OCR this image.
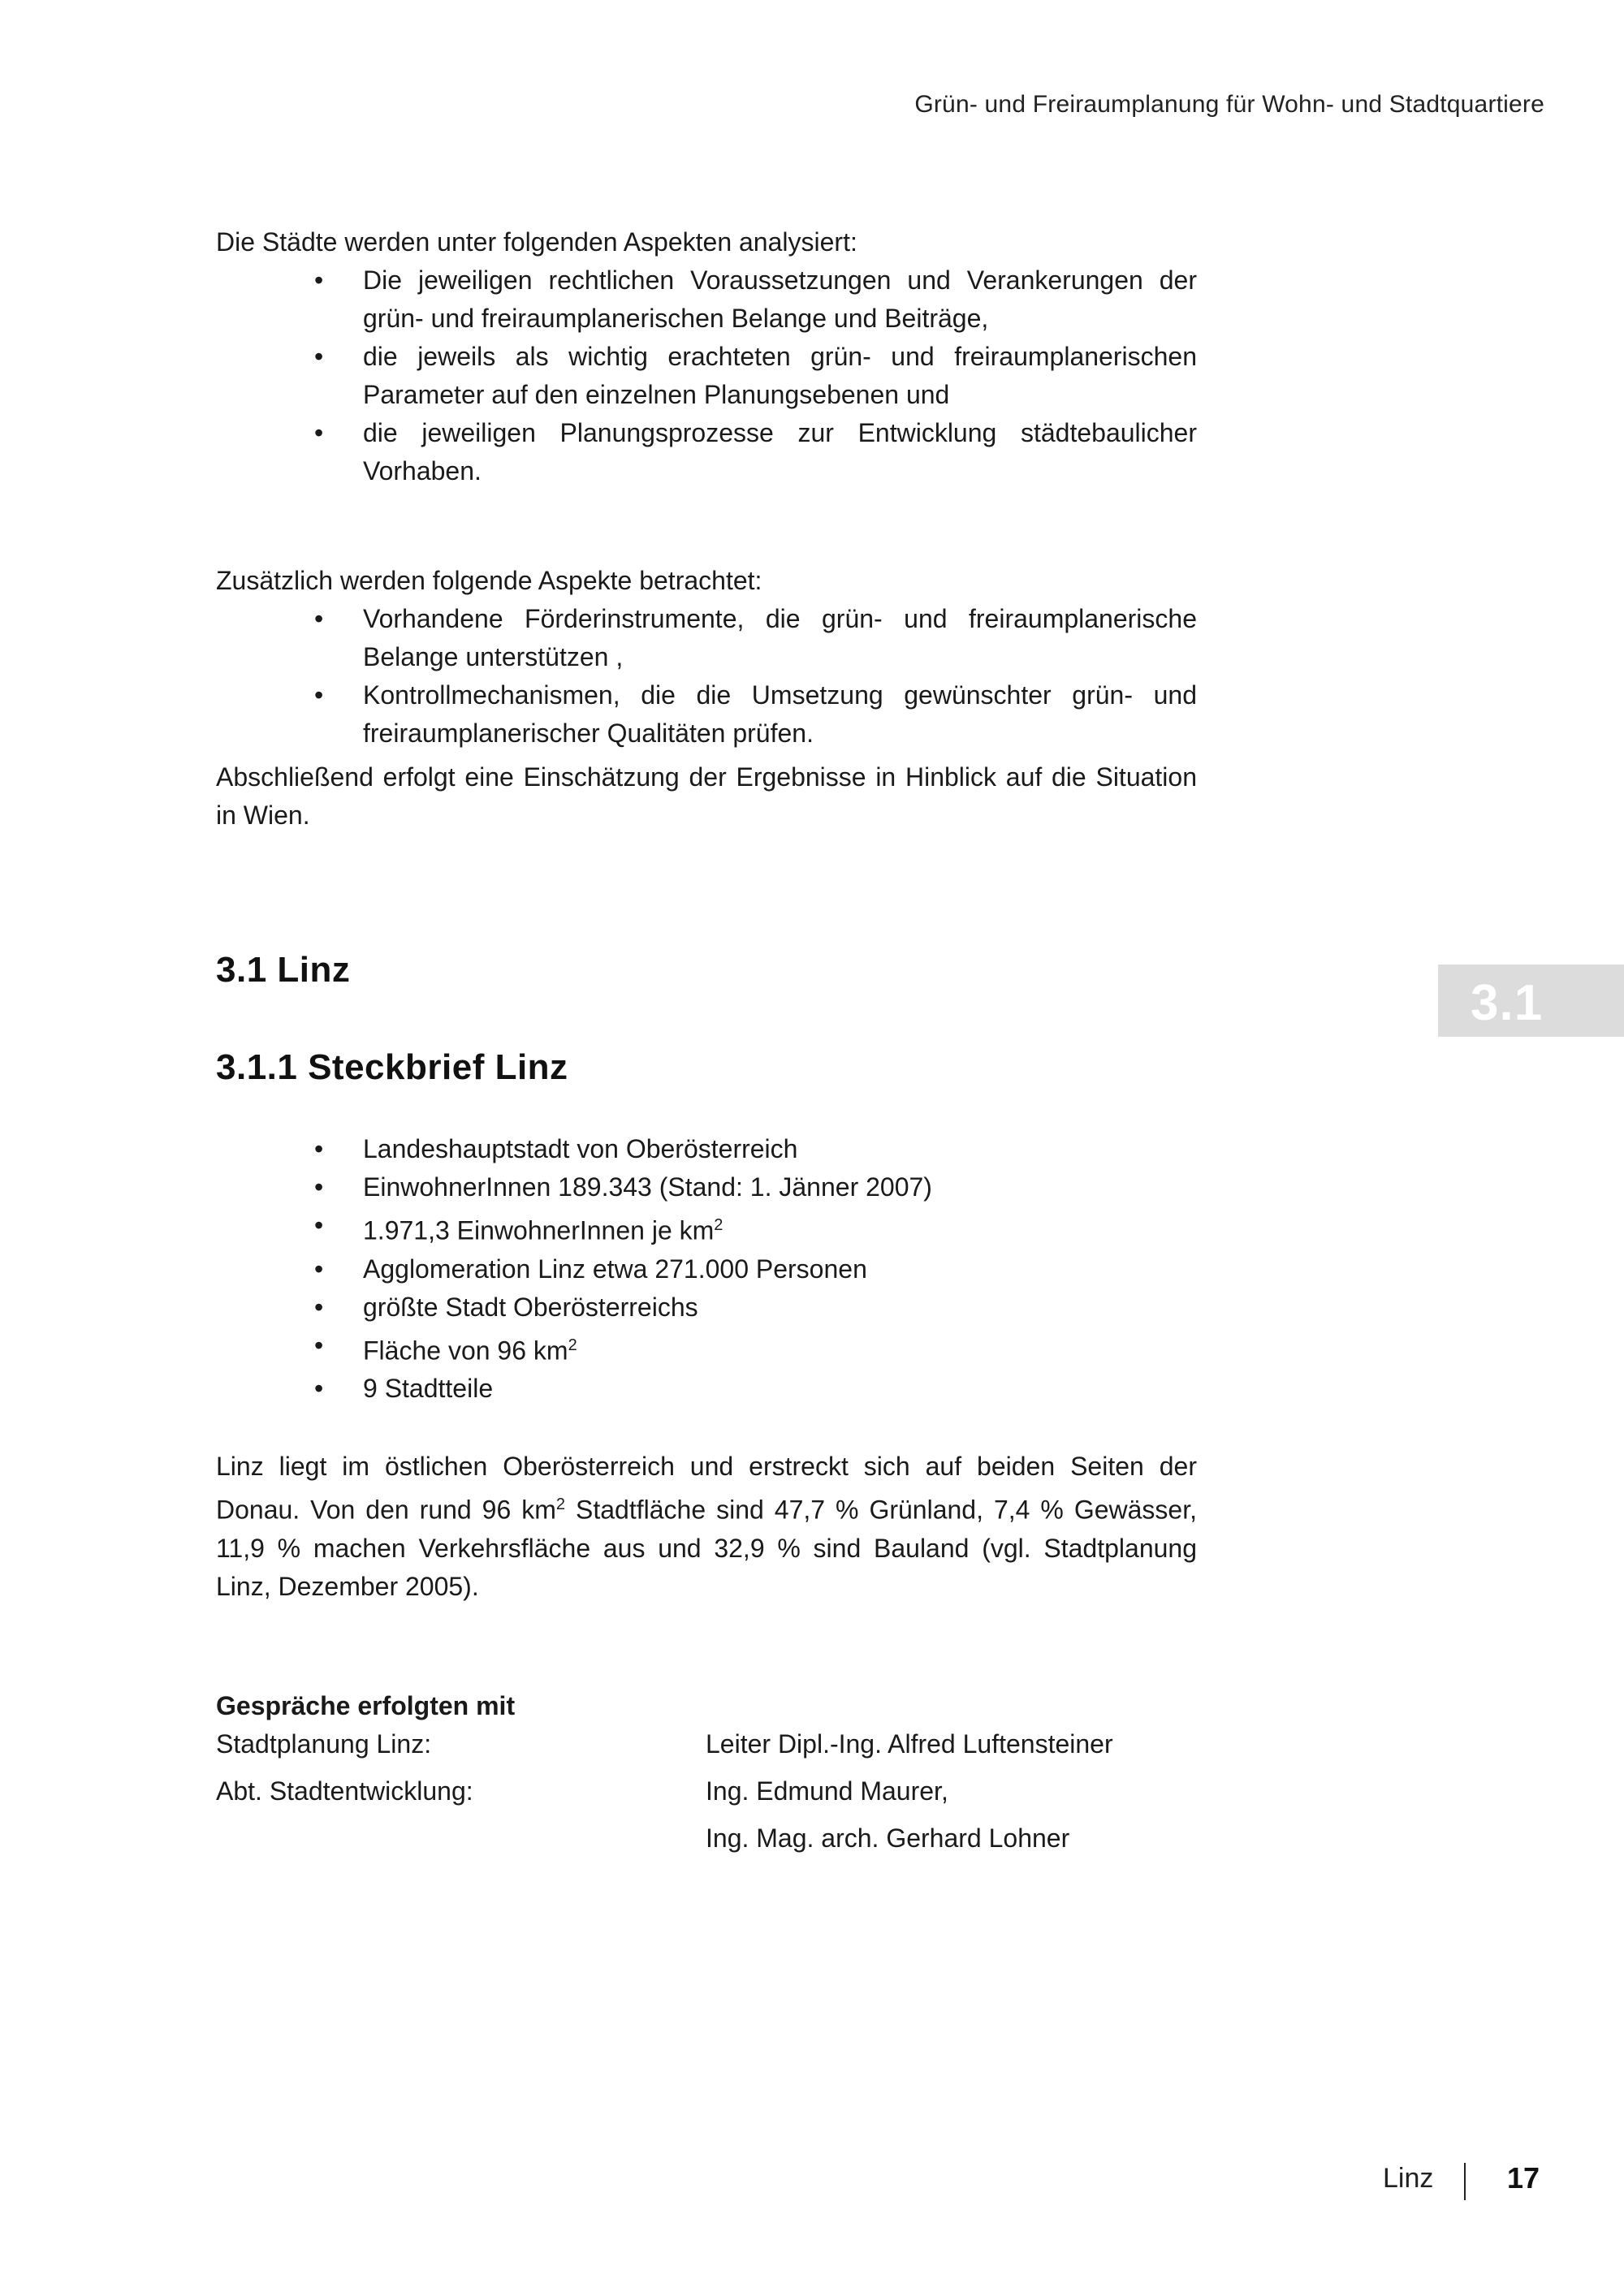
Grün- und Freiraumplanung für Wohn- und Stadtquartiere

Die Städte werden unter folgenden Aspekten analysiert:

• Die jeweiligen rechtlichen Voraussetzungen und Verankerungen der grün- und freiraumplanerischen Belange und Beiträge,
• die jeweils als wichtig erachteten grün- und freiraumplanerischen Parameter auf den einzelnen Planungsebenen und
• die jeweiligen Planungsprozesse zur Entwicklung städtebaulicher Vorhaben.

Zusätzlich werden folgende Aspekte betrachtet:

• Vorhandene Förderinstrumente, die grün- und freiraumplanerische Belange unterstützen ,
• Kontrollmechanismen, die die Umsetzung gewünschter grün- und freiraumplanerischer Qualitäten prüfen.

Abschließend erfolgt eine Einschätzung der Ergebnisse in Hinblick auf die Situation in Wien.

3.1 Linz
3.1.1 Steckbrief Linz
3.1
• Landeshauptstadt von Oberösterreich
• EinwohnerInnen 189.343 (Stand: 1. Jänner 2007)
• 1.971,3 EinwohnerInnen je $km^2$
• Agglomeration Linz etwa 271.000 Personen
• größte Stadt Oberösterreichs
• Fläche von 96 $km^2$
• 9 Stadtteile

Linz liegt im östlichen Oberösterreich und erstreckt sich auf beiden Seiten der Donau. Von den rund 96 $km^2$ Stadtfläche sind 47,7 % Grünland, 7,4 % Gewässer, 11,9 % machen Verkehrsfläche aus und 32,9 % sind Bauland (vgl. Stadtplanung Linz, Dezember 2005).

Gespräche erfolgten mit

Stadtplanung Linz:	Leiter Dipl.-Ing. Alfred Luftensteiner
Abt. Stadtentwicklung:	Ing. Edmund Maurer,
Ing. Mag. arch. Gerhard Lohner
Linz	17
